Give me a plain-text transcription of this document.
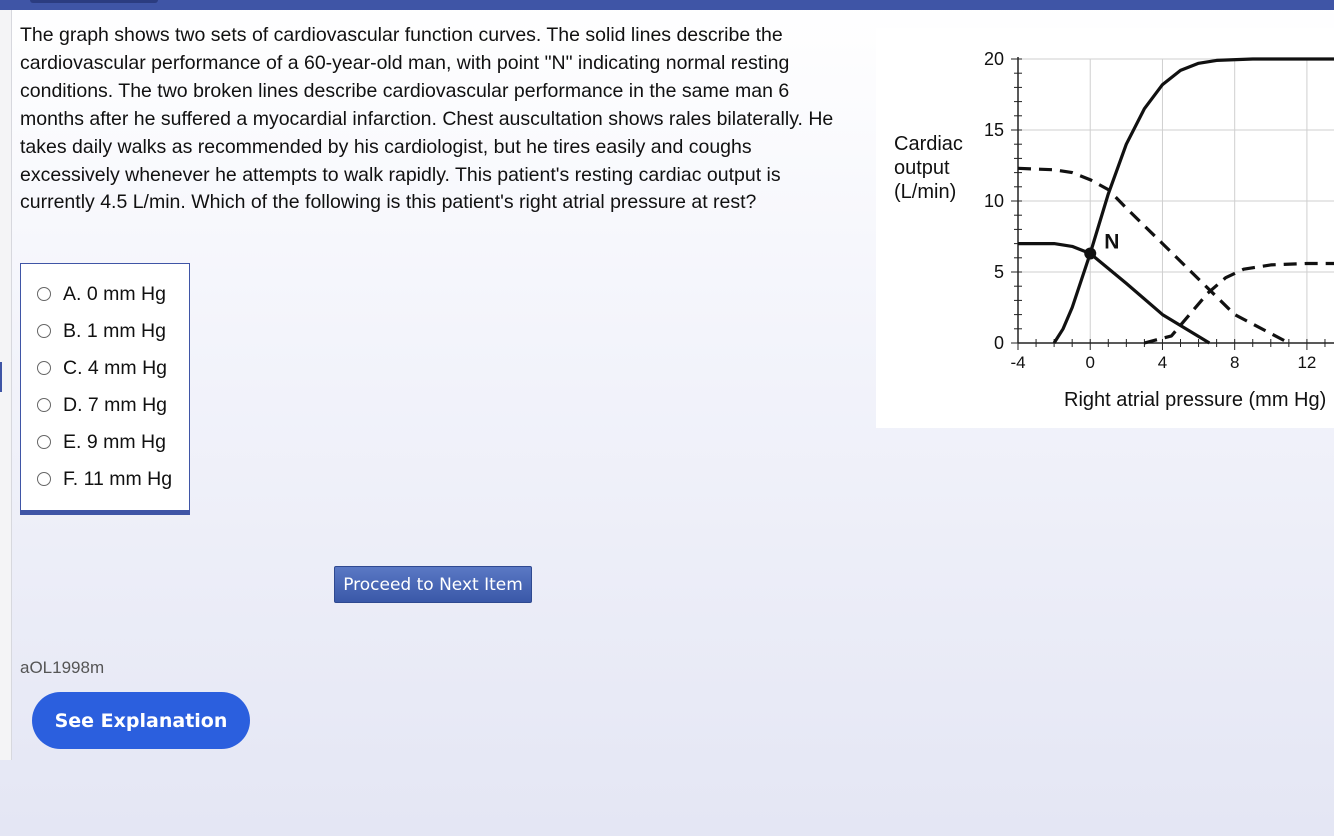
The graph shows two sets of cardiovascular function curves. The solid lines describe the cardiovascular performance of a 60-year-old man, with point "N" indicating normal resting conditions. The two broken lines describe cardiovascular performance in the same man 6 months after he suffered a myocardial infarction. Chest auscultation shows rales bilaterally. He takes daily walks as recommended by his cardiologist, but he tires easily and coughs excessively whenever he attempts to walk rapidly. This patient's resting cardiac output is currently 4.5 L/min. Which of the following is this patient's right atrial pressure at rest?
0
5
10
15
20
-4	0	4	8	12
N
Cardiac
output
(L/min)
Right atrial pressure (mm Hg)
A. 0 mm Hg
B. 1 mm Hg
C. 4 mm Hg
D. 7 mm Hg
E. 9 mm Hg
F. 11 mm Hg
Proceed to Next Item
aOL1998m
See Explanation
